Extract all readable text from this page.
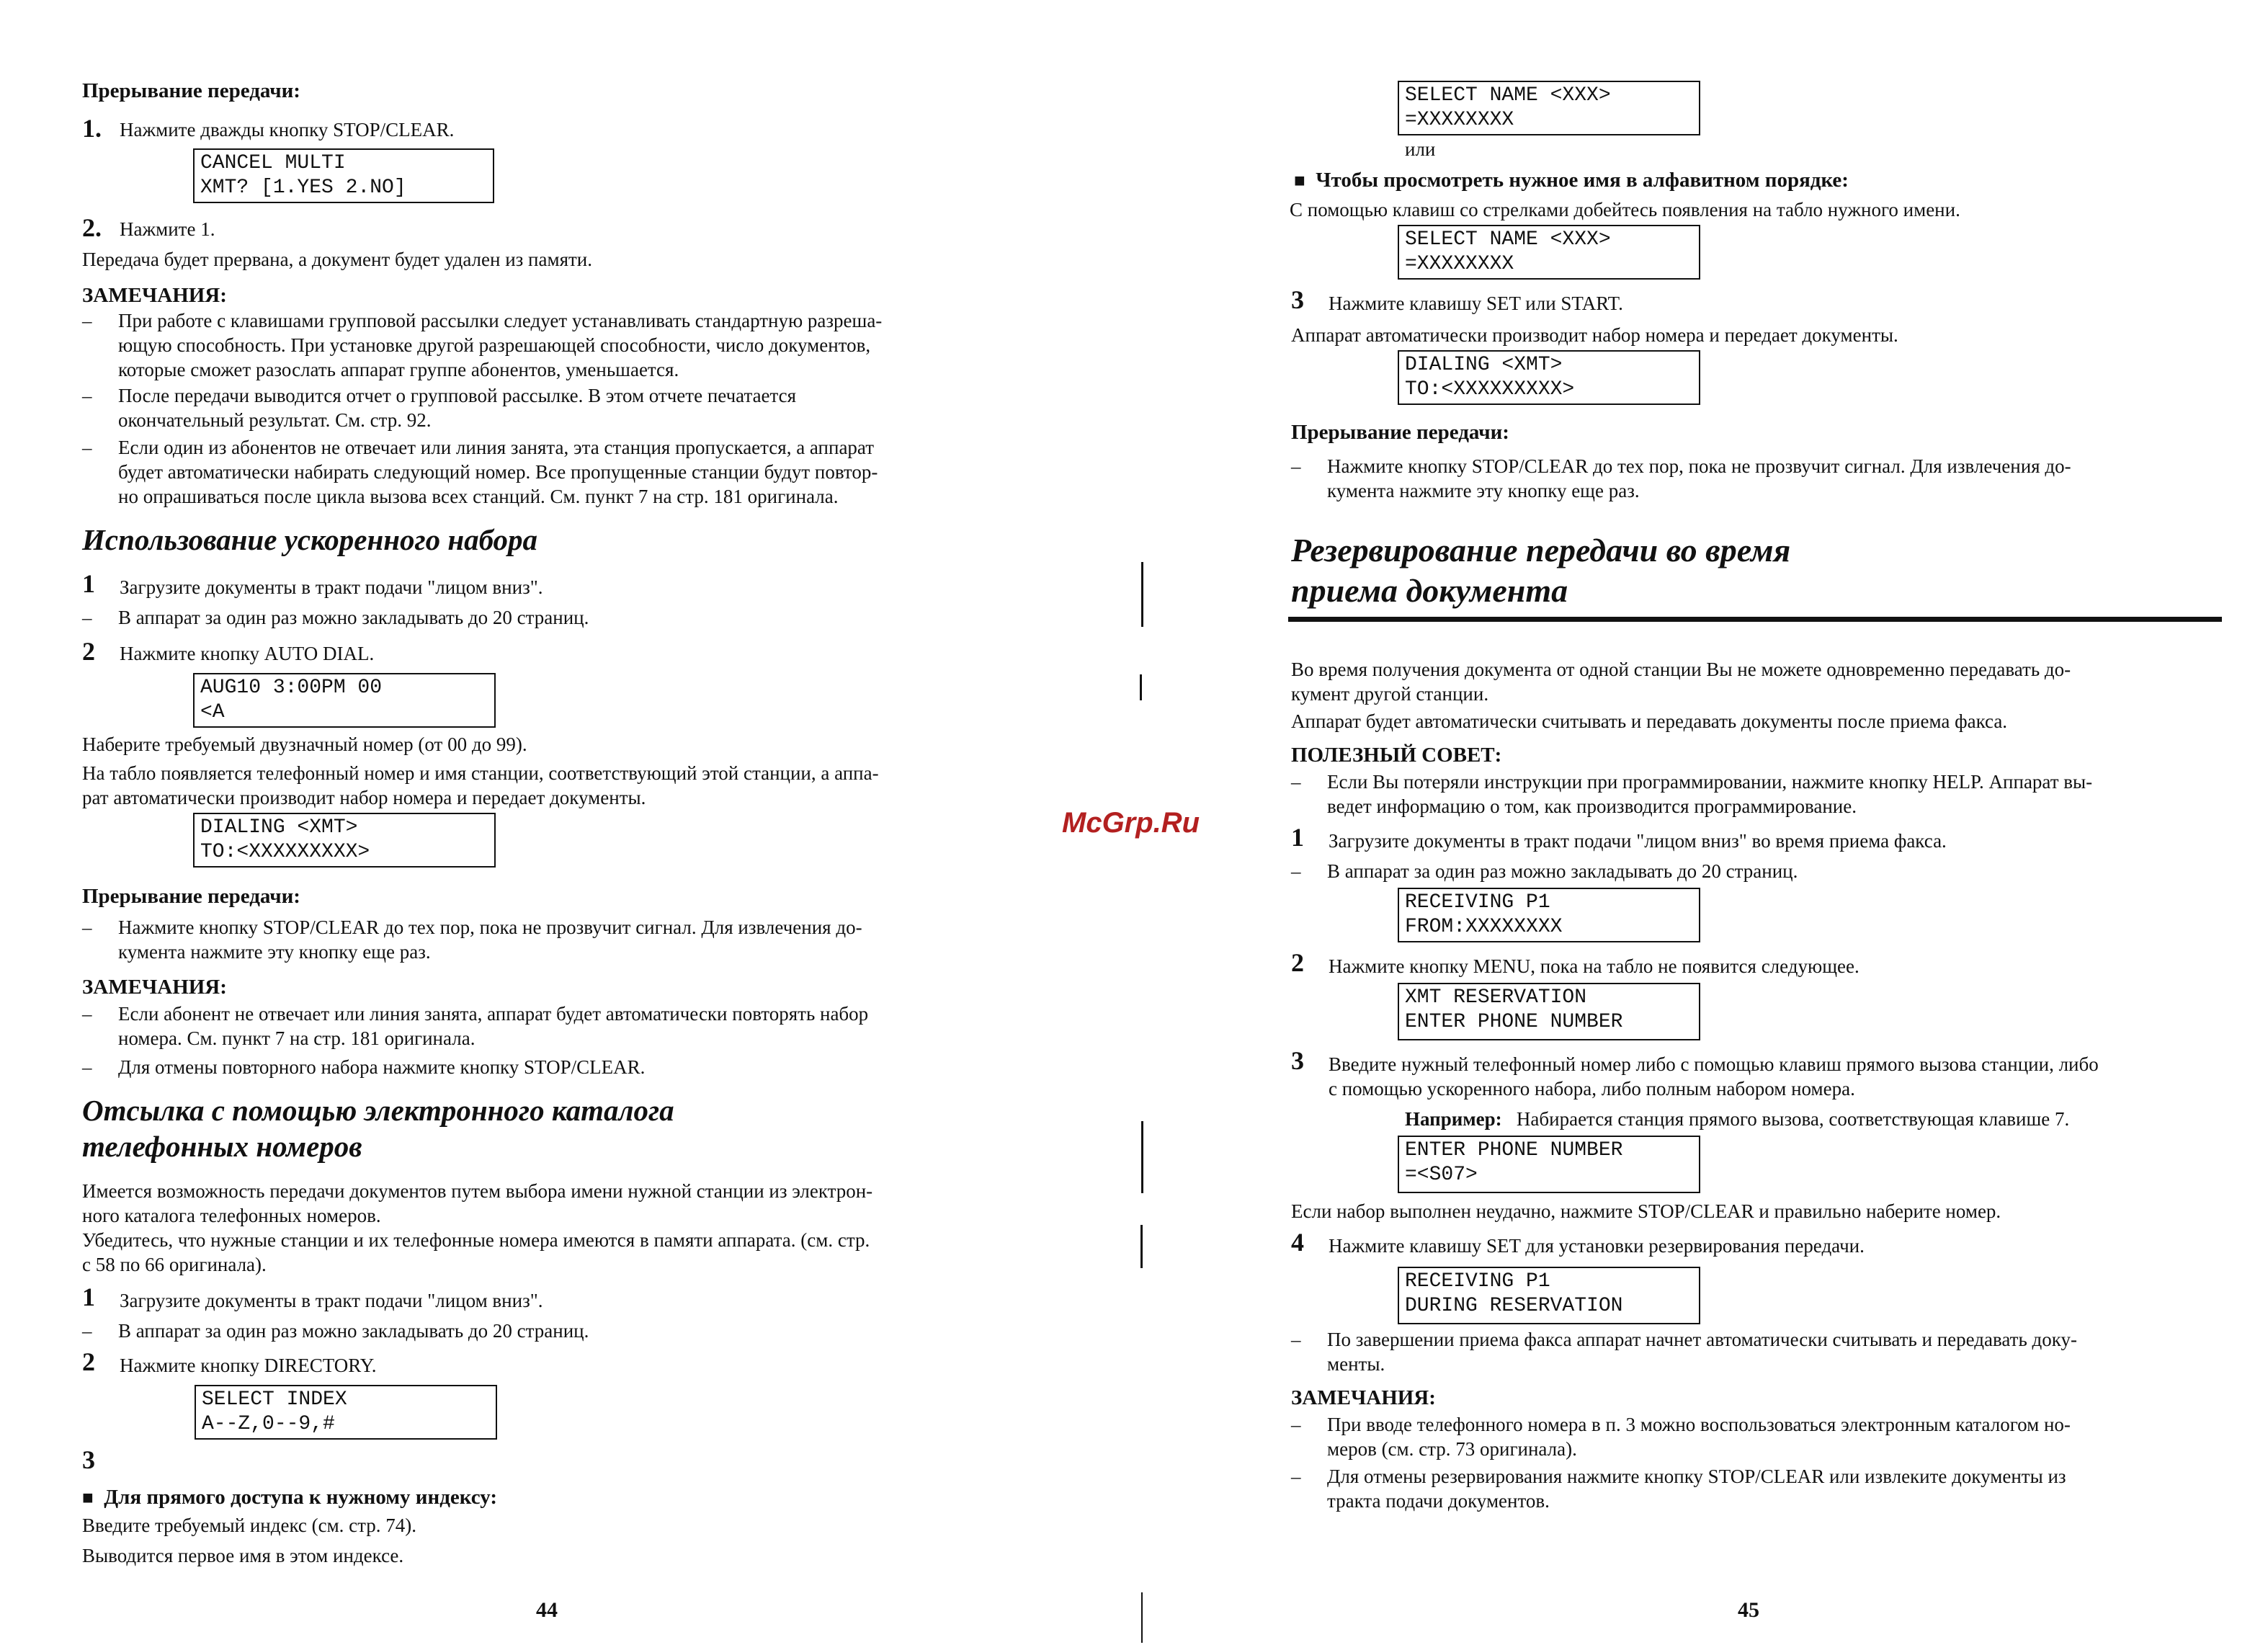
Прерывание передачи:
1. Нажмите дважды кнопку STOP/CLEAR.
CANCEL MULTI
XMT? [1.YES 2.NO]
2. Нажмите 1.
Передача будет прервана, а документ будет удален из памяти.
ЗАМЕЧАНИЯ:
– При работе с клавишами групповой рассылки следует устанавливать стандартную разреша-
ющую способность. При установке другой разрешающей способности, число документов,
которые сможет разослать аппарат группе абонентов, уменьшается.
– После передачи выводится отчет о групповой рассылке. В этом отчете печатается
окончательный результат. См. стр. 92.
– Если один из абонентов не отвечает или линия занята, эта станция пропускается, а аппарат
будет автоматически набирать следующий номер. Все пропущенные станции будут повтор-
но опрашиваться после цикла вызова всех станций. См. пункт 7 на стр. 181 оригинала.
Использование ускоренного набора
1 Загрузите документы в тракт подачи "лицом вниз".
– В аппарат за один раз можно закладывать до 20 страниц.
2 Нажмите кнопку AUTO DIAL.
AUG10 3:00PM 00
<A
Наберите требуемый двузначный номер (от 00 до 99).
На табло появляется телефонный номер и имя станции, соответствующий этой станции, а аппа-
рат автоматически производит набор номера и передает документы.
DIALING <XMT>
TO:<XXXXXXXXX>
Прерывание передачи:
– Нажмите кнопку STOP/CLEAR до тех пор, пока не прозвучит сигнал. Для извлечения до-
кумента нажмите эту кнопку еще раз.
ЗАМЕЧАНИЯ:
– Если абонент не отвечает или линия занята, аппарат будет автоматически повторять набор
номера. См. пункт 7 на стр. 181 оригинала.
– Для отмены повторного набора нажмите кнопку STOP/CLEAR.
Отсылка с помощью электронного каталога
телефонных номеров
Имеется возможность передачи документов путем выбора имени нужной станции из электрон-
ного каталога телефонных номеров.
Убедитесь, что нужные станции и их телефонные номера имеются в памяти аппарата. (см. стр.
с 58 по 66 оригинала).
1 Загрузите документы в тракт подачи "лицом вниз".
– В аппарат за один раз можно закладывать до 20 страниц.
2 Нажмите кнопку DIRECTORY.
SELECT INDEX
A--Z,0--9,#
3
■ Для прямого доступа к нужному индексу:
Введите требуемый индекс (см. стр. 74).
Выводится первое имя в этом индексе.
44
McGrp.Ru
SELECT NAME <XXX>
=XXXXXXXX
или
■ Чтобы просмотреть нужное имя в алфавитном порядке:
С помощью клавиш со стрелками добейтесь появления на табло нужного имени.
SELECT NAME <XXX>
=XXXXXXXX
3 Нажмите клавишу SET или START.
Аппарат автоматически производит набор номера и передает документы.
DIALING <XMT>
TO:<XXXXXXXXX>
Прерывание передачи:
– Нажмите кнопку STOP/CLEAR до тех пор, пока не прозвучит сигнал. Для извлечения до-
кумента нажмите эту кнопку еще раз.
Резервирование передачи во время
приема документа
Во время получения документа от одной станции Вы не можете одновременно передавать до-
кумент другой станции.
Аппарат будет автоматически считывать и передавать документы после приема факса.
ПОЛЕЗНЫЙ СОВЕТ:
– Если Вы потеряли инструкции при программировании, нажмите кнопку HELP. Аппарат вы-
ведет информацию о том, как производится программирование.
1 Загрузите документы в тракт подачи "лицом вниз" во время приема факса.
– В аппарат за один раз можно закладывать до 20 страниц.
RECEIVING P1
FROM:XXXXXXXX
2 Нажмите кнопку MENU, пока на табло не появится следующее.
XMT RESERVATION
ENTER PHONE NUMBER
3 Введите нужный телефонный номер либо с помощью клавиш прямого вызова станции, либо
с помощью ускоренного набора, либо полным набором номера.
Например: Набирается станция прямого вызова, соответствующая клавише 7.
ENTER PHONE NUMBER
=<S07>
Если набор выполнен неудачно, нажмите STOP/CLEAR и правильно наберите номер.
4 Нажмите клавишу SET для установки резервирования передачи.
RECEIVING P1
DURING RESERVATION
– По завершении приема факса аппарат начнет автоматически считывать и передавать доку-
менты.
ЗАМЕЧАНИЯ:
– При вводе телефонного номера в п. 3 можно воспользоваться электронным каталогом но-
меров (см. стр. 73 оригинала).
– Для отмены резервирования нажмите кнопку STOP/CLEAR или извлеките документы из
тракта подачи документов.
45
